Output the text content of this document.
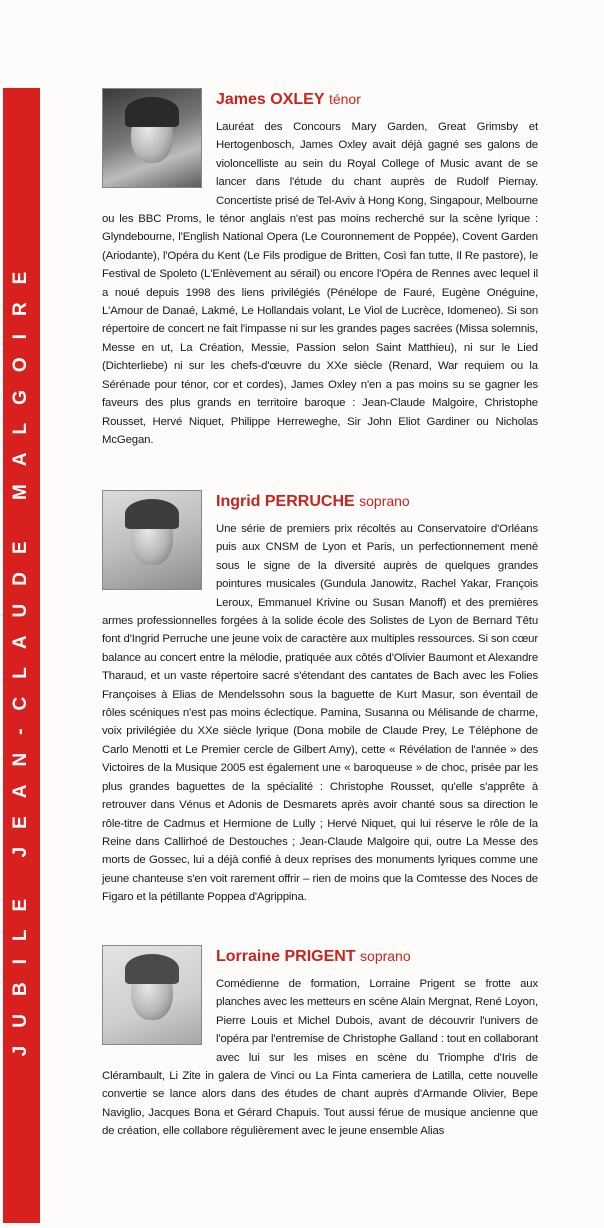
JUBILE JEAN-CLAUDE MALGOIRE
James OXLEY ténor

Lauréat des Concours Mary Garden, Great Grimsby et Hertogenbosch, James Oxley avait déjà gagné ses galons de violoncelliste au sein du Royal College of Music avant de se lancer dans l'étude du chant auprès de Rudolf Piernay. Concertiste prisé de Tel-Aviv à Hong Kong, Singapour, Melbourne ou les BBC Proms, le ténor anglais n'est pas moins recherché sur la scène lyrique : Glyndebourne, l'English National Opera (Le Couronnement de Poppée), Covent Garden (Ariodante), l'Opéra du Kent (Le Fils prodigue de Britten, Così fan tutte, Il Re pastore), le Festival de Spoleto (L'Enlèvement au sérail) ou encore l'Opéra de Rennes avec lequel il a noué depuis 1998 des liens privilégiés (Pénélope de Fauré, Eugène Onéguine, L'Amour de Danaé, Lakmé, Le Hollandais volant, Le Viol de Lucrèce, Idomeneo). Si son répertoire de concert ne fait l'impasse ni sur les grandes pages sacrées (Missa solemnis, Messe en ut, La Création, Messie, Passion selon Saint Matthieu), ni sur le Lied (Dichterliebe) ni sur les chefs-d'œuvre du XXe siècle (Renard, War requiem ou la Sérénade pour ténor, cor et cordes), James Oxley n'en a pas moins su se gagner les faveurs des plus grands en territoire baroque : Jean-Claude Malgoire, Christophe Rousset, Hervé Niquet, Philippe Herreweghe, Sir John Eliot Gardiner ou Nicholas McGegan.

Ingrid PERRUCHE soprano

Une série de premiers prix récoltés au Conservatoire d'Orléans puis aux CNSM de Lyon et Paris, un perfectionnement mené sous le signe de la diversité auprès de quelques grandes pointures musicales (Gundula Janowitz, Rachel Yakar, François Leroux, Emmanuel Krivine ou Susan Manoff) et des premières armes professionnelles forgées à la solide école des Solistes de Lyon de Bernard Têtu font d'Ingrid Perruche une jeune voix de caractère aux multiples ressources. Si son cœur balance au concert entre la mélodie, pratiquée aux côtés d'Olivier Baumont et Alexandre Tharaud, et un vaste répertoire sacré s'étendant des cantates de Bach avec les Folies Françoises à Elias de Mendelssohn sous la baguette de Kurt Masur, son éventail de rôles scéniques n'est pas moins éclectique. Pamina, Susanna ou Mélisande de charme, voix privilégiée du XXe siècle lyrique (Dona mobile de Claude Prey, Le Téléphone de Carlo Menotti et Le Premier cercle de Gilbert Amy), cette « Révélation de l'année » des Victoires de la Musique 2005 est également une « baroqueuse » de choc, prisée par les plus grandes baguettes de la spécialité : Christophe Rousset, qu'elle s'apprête à retrouver dans Vénus et Adonis de Desmarets après avoir chanté sous sa direction le rôle-titre de Cadmus et Hermione de Lully ; Hervé Niquet, qui lui réserve le rôle de la Reine dans Callirhoé de Destouches ; Jean-Claude Malgoire qui, outre La Messe des morts de Gossec, lui a déjà confié à deux reprises des monuments lyriques comme une jeune chanteuse s'en voit rarement offrir – rien de moins que la Comtesse des Noces de Figaro et la pétillante Poppea d'Agrippina.

Lorraine PRIGENT soprano

Comédienne de formation, Lorraine Prigent se frotte aux planches avec les metteurs en scène Alain Mergnat, René Loyon, Pierre Louis et Michel Dubois, avant de découvrir l'univers de l'opéra par l'entremise de Christophe Galland : tout en collaborant avec lui sur les mises en scène du Triomphe d'Iris de Clérambault, Li Zite in galera de Vinci ou La Finta cameriera de Latilla, cette nouvelle convertie se lance alors dans des études de chant auprès d'Armande Olivier, Bepe Naviglio, Jacques Bona et Gérard Chapuis. Tout aussi férue de musique ancienne que de création, elle collabore régulièrement avec le jeune ensemble Alias
